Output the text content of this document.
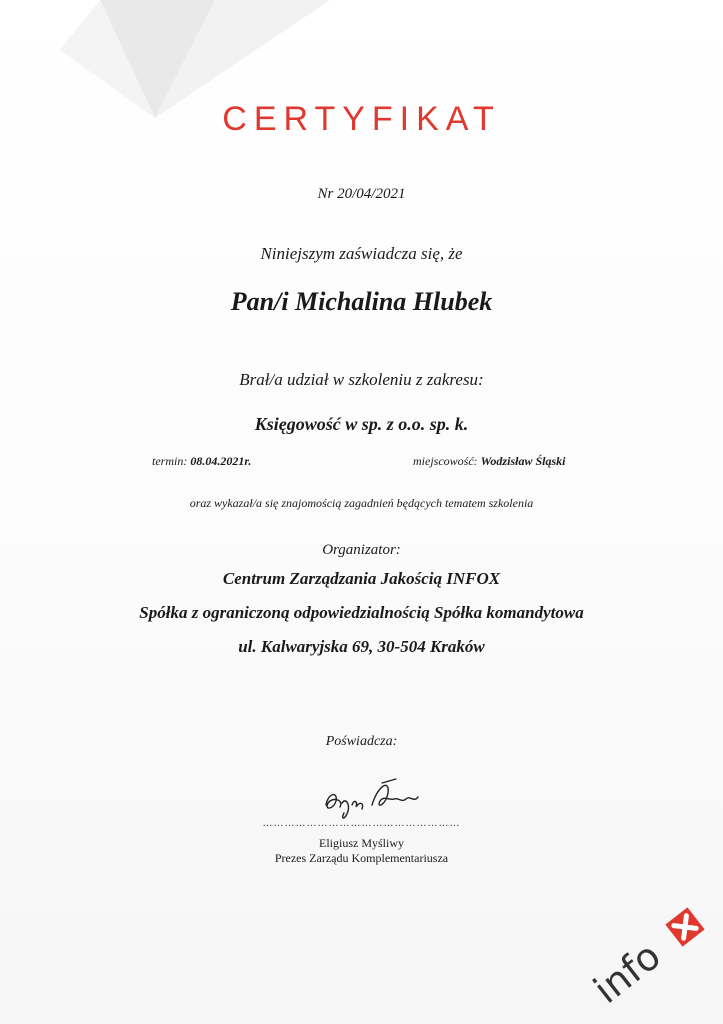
CERTYFIKAT
Nr 20/04/2021
Niniejszym zaświadcza się, że
Pan/i Michalina Hlubek
Brał/a udział w szkoleniu z zakresu:
Księgowość w sp. z o.o. sp. k.
termin: 08.04.2021r.	miejscowość: Wodzisław Śląski
oraz wykazał/a się znajomością zagadnień będących tematem szkolenia
Organizator:
Centrum Zarządzania Jakością INFOX
Spółka z ograniczoną odpowiedzialnością Spółka komandytowa
ul. Kalwaryjska 69, 30-504 Kraków
Poświadcza:
………………………………………………
Eligiusz Myśliwy
Prezes Zarządu Komplementariusza
info
